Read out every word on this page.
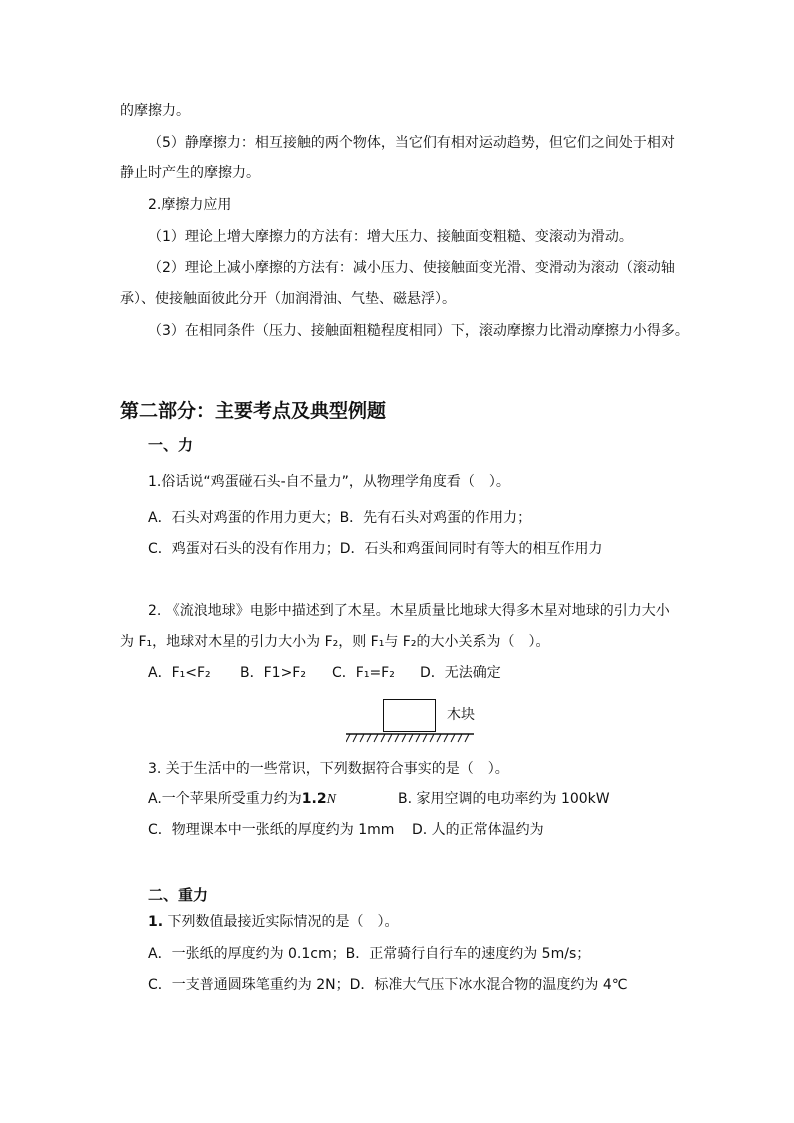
的摩擦力。

（5）静摩擦力：相互接触的两个物体，当它们有相对运动趋势，但它们之间处于相对

静止时产生的摩擦力。

2.摩擦力应用

（1）理论上增大摩擦力的方法有：增大压力、接触面变粗糙、变滚动为滑动。

（2）理论上减小摩擦的方法有：减小压力、使接触面变光滑、变滑动为滚动（滚动轴

承）、使接触面彼此分开（加润滑油、气垫、磁悬浮）。

（3）在相同条件（压力、接触面粗糙程度相同）下，滚动摩擦力比滑动摩擦力小得多。

第二部分：主要考点及典型例题
一、力

1.俗话说“鸡蛋碰石头-自不量力”，从物理学角度看（　）。

A．石头对鸡蛋的作用力更大；B．先有石头对鸡蛋的作用力；

C．鸡蛋对石头的没有作用力；D．石头和鸡蛋间同时有等大的相互作用力

2. 《流浪地球》电影中描述到了木星。木星质量比地球大得多木星对地球的引力大小

为 F₁，地球对木星的引力大小为 F₂，则 F₁与 F₂的大小关系为（　）。

A．F₁<F₂ B．F1>F₂ C．F₁=F₂ D．无法确定

木块

3. 关于生活中的一些常识，下列数据符合事实的是（　）。

A.一个苹果所受重力约为1.2N	B. 家用空调的电功率约为 100kW

C．物理课本中一张纸的厚度约为 1mm D. 人的正常体温约为

二、重力

1. 下列数值最接近实际情况的是（　）。

A．一张纸的厚度约为 0.1cm；B．正常骑行自行车的速度约为 5m/s；

C．一支普通圆珠笔重约为 2N；D．标准大气压下冰水混合物的温度约为 4℃
